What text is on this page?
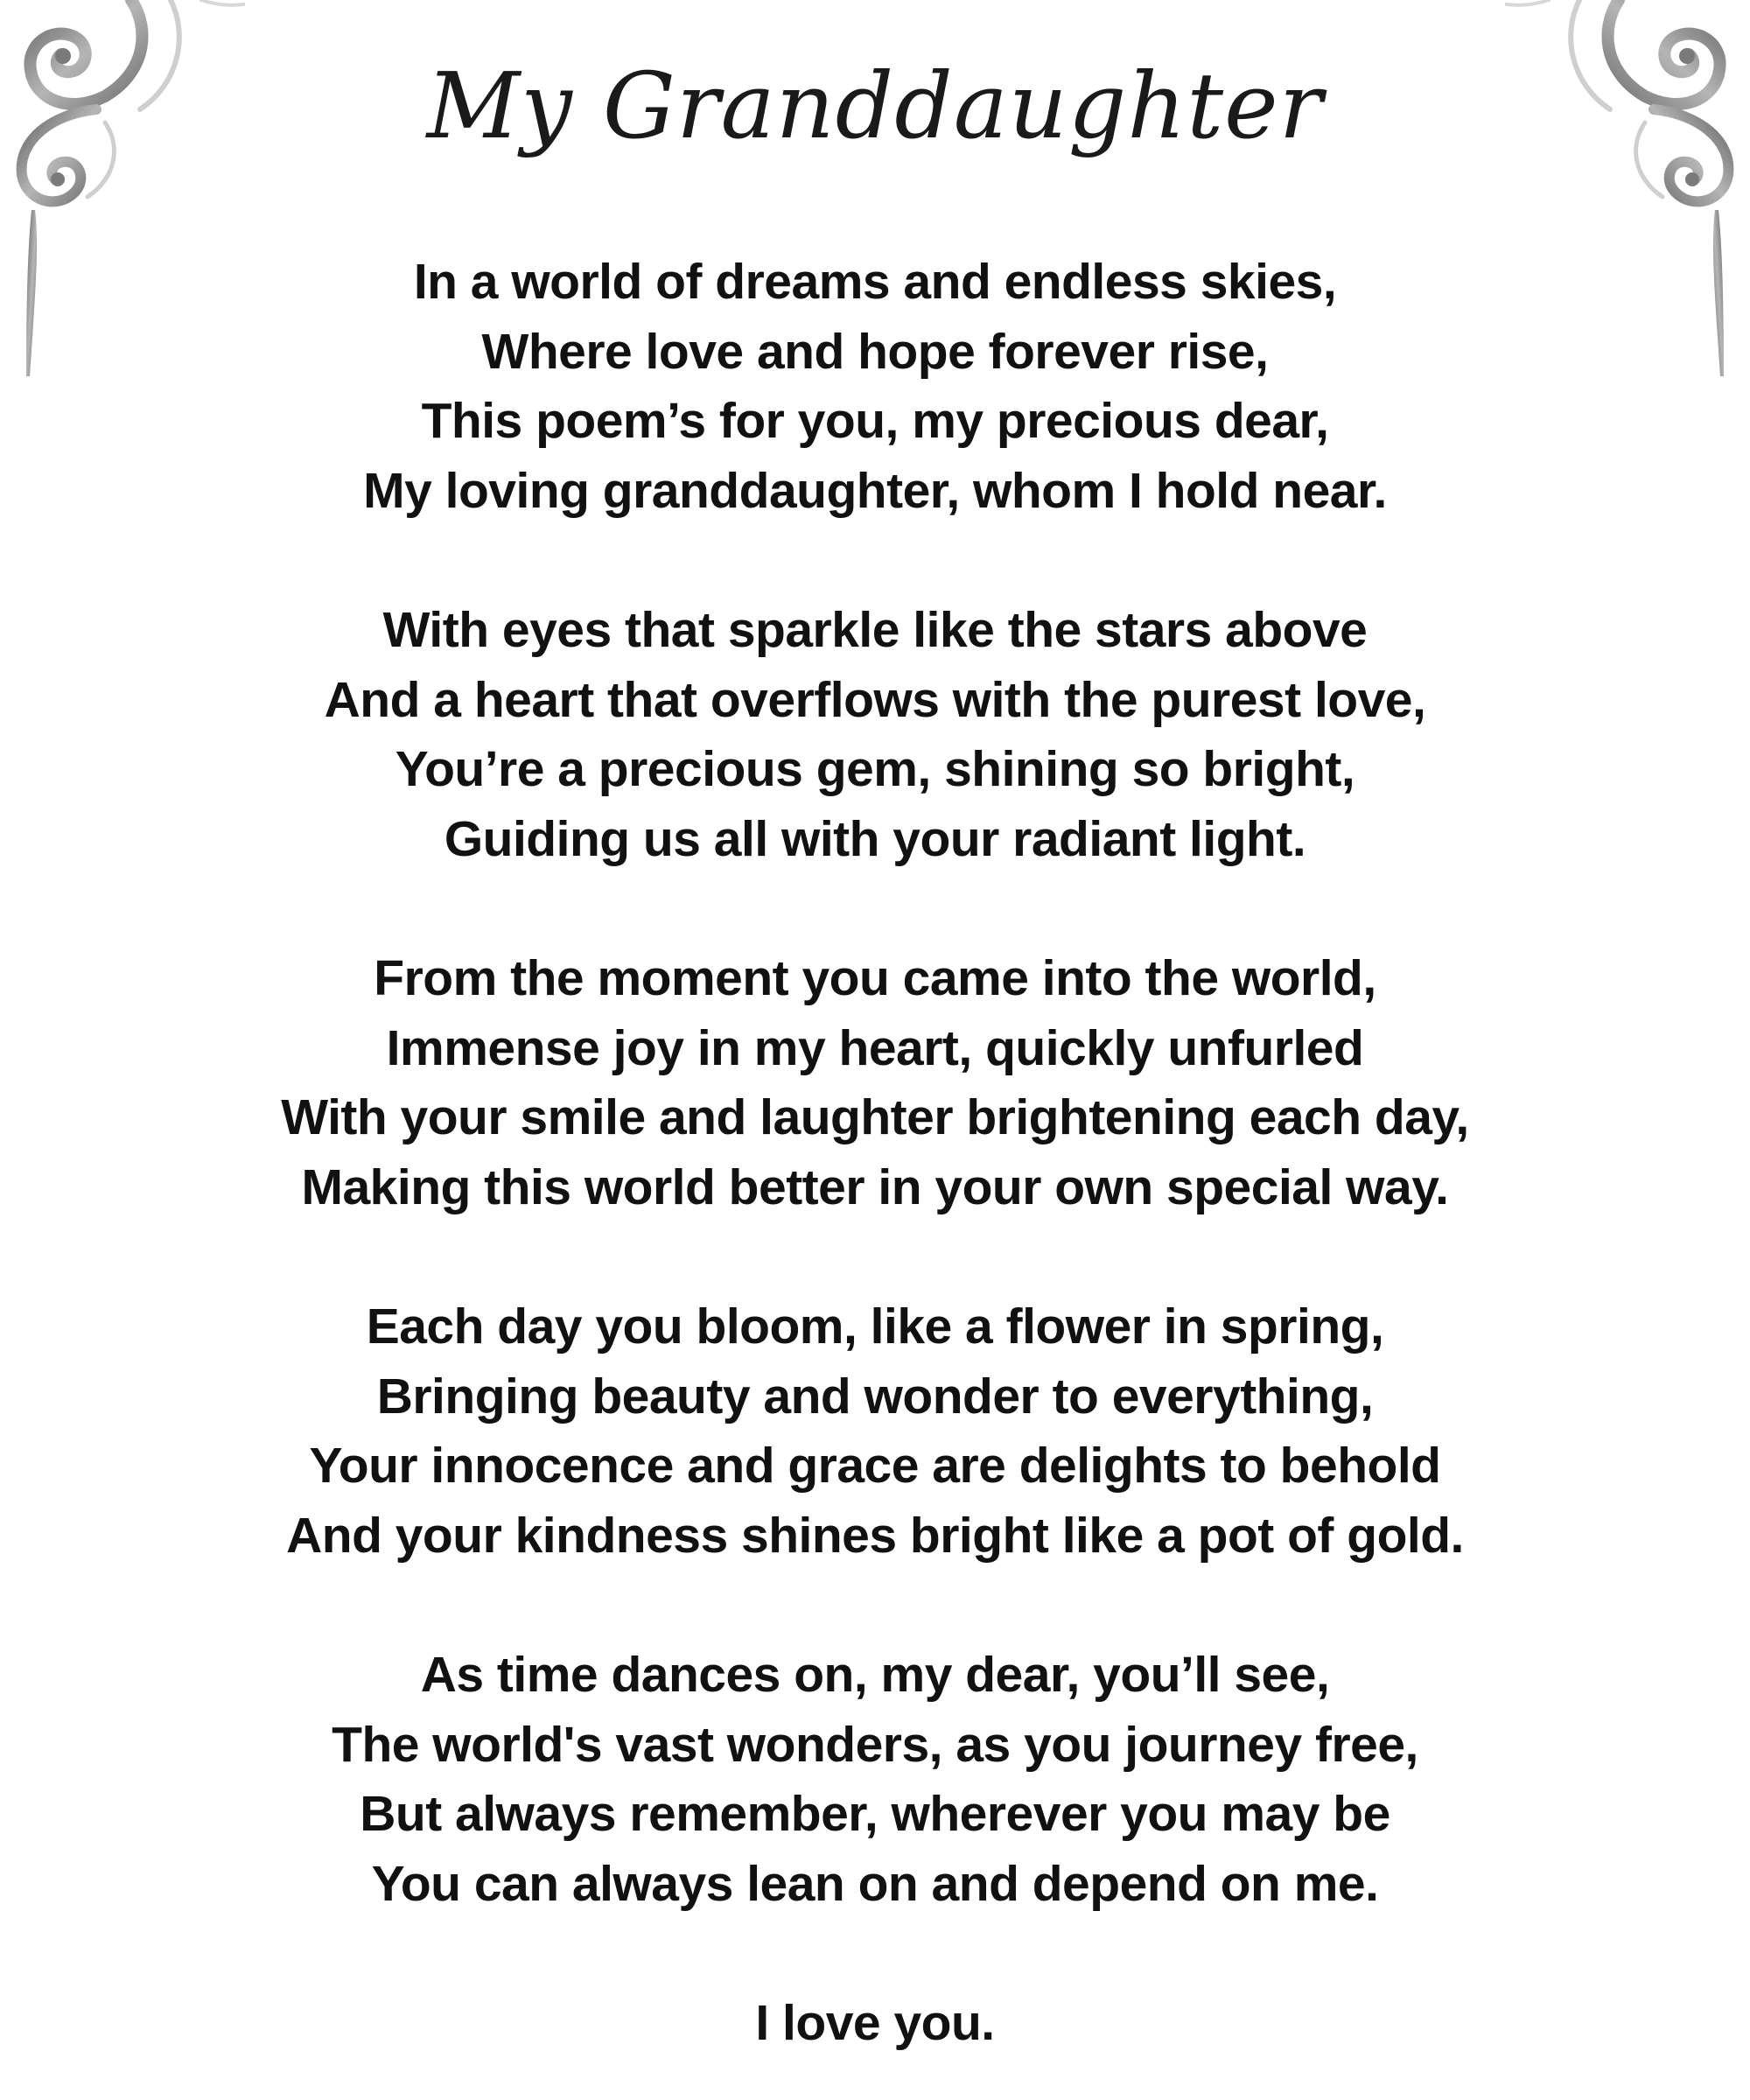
My Granddaughter
In a world of dreams and endless skies,
Where love and hope forever rise,
This poem’s for you, my precious dear,
My loving granddaughter, whom I hold near.
With eyes that sparkle like the stars above
And a heart that overflows with the purest love,
You’re a precious gem, shining so bright,
Guiding us all with your radiant light.
From the moment you came into the world,
Immense joy in my heart, quickly unfurled
With your smile and laughter brightening each day,
Making this world better in your own special way.
Each day you bloom, like a flower in spring,
Bringing beauty and wonder to everything,
Your innocence and grace are delights to behold
And your kindness shines bright like a pot of gold.
As time dances on, my dear, you’ll see,
The world's vast wonders, as you journey free,
But always remember, wherever you may be
You can always lean on and depend on me.
I love you.
